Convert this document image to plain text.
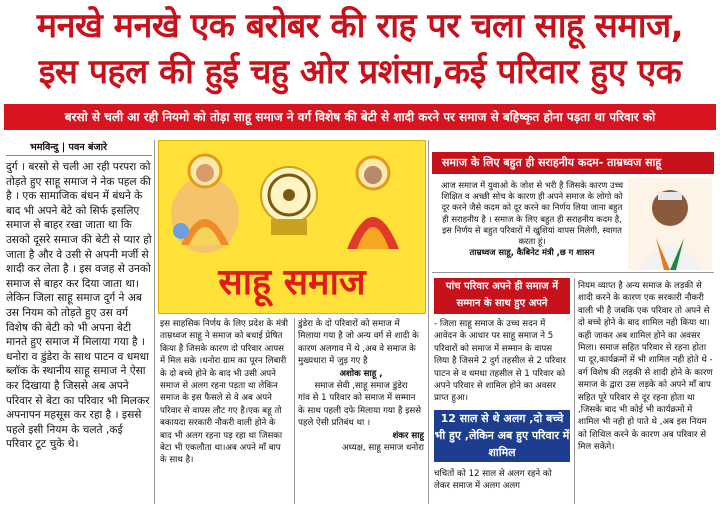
मनखे मनखे एक बरोबर की राह पर चला साहू समाज,
इस पहल की हुई चहु ओर प्रशंसा,कई परिवार हुए एक
बरसो से चली आ रही नियमो को तोड़ा साहू समाज ने वर्ग विशेष की बेटी से शादी करने पर समाज से बहिष्कृत होना पड़ता था परिवार को
भमविन्दु | पवन बंजारे
दुर्ग । बरसो से चली आ रही परपरा को तोड़ते हुए साहू समाज ने नेक पहल की है । एक सामाजिक बंधन में बंधने के बाद भी अपने बेटे को सिर्फ इसलिए समाज से बाहर रखा जाता था कि उसको दूसरे समाज की बेटी से प्यार हो जाता है और वे उसी से अपनी मर्जी से शादी कर लेता है । इस वजह से उनको समाज से बाहर कर दिया जाता था। लेकिन जिला साहू समाज दुर्ग ने अब उस नियम को तोड़ते हुए उस वर्ग विशेष की बेटी को भी अपना बेटी मानते हुए समाज में मिलाया गया है । धनोरा व डुंडेरा के साथ पाटन व धमधा ब्लॉक के स्थानीय साहू समाज ने ऐसा कर दिखाया है जिससे अब अपने परिवार से बेटा का परिवार भी मिलकर अपनापन महसूस कर रहा है । इससे पहले इसी नियम के चलते ,कई परिवार टूट चुके थे।
साहू समाज
इस साहसिक निर्णय के लिए प्रदेश के मंत्री ताम्रध्वज साहू ने समाज को बधाई प्रेषित किया है जिसके कारण दो परिवार आपस में मिल सके ।धनोरा ग्राम का पूरन लिबारी के दो बच्चे होने के बाद भी उसी अपने समाज से अलग रहना पड़ता था लेकिन समाज के इस फैसले से वे अब अपने परिवार से वापस लौट गए है।एक बहू तो बकायदा सरकारी नौकरी वाली होने के बाद भी अलग रहना पड़ रहा था जिसका बेटा भी एकलौता था।अब अपने माँ बाप के साथ है।
डुंडेरा के दो परिवारों को समाज में मिलाया गया है जो अन्य वर्ग से शादी के कारण अलगाव में थे ,अब वे समाज के मुख्यधारा में जुड़ गए है
अशोक साहू ,
समाज सेवी ,साहू समाज डुंडेरा
गांव से 1 परिवार को समाज में सम्मान के साथ पहली दफे मिलाया गया है इससे पहले ऐसी प्रतिबंध था ।
शंकर साहू
अध्यक्ष, साहू समाज धनोरा
समाज के लिए बहुत ही सराहनीय कदम- ताम्रध्वज साहू
आज समाज में युवाओ के जोश से भरी है जिसके कारण उच्च शिक्षित व अच्छी सोच के कारण ही अपने समाज के लोगो को दूर करने जैसे कदम को दूर करने का निर्णय लिया जाना बहुत ही सराहनीय है । समाज के लिए बहुत ही सराहनीय कदम है, इस निर्णय से बहुत परिवारों में खुशियां वापस मिलेगी, स्वागत करता हूं।
ताम्रध्वज साहू, कैबिनेट मंत्री ,छ ग शासन
पांच परिवार अपने ही समाज में सम्मान के साथ हुए अपने
- जिला साहू समाज के उच्च सदन में आवेदन के आधार पर साहू समाज ने 5 परिवारों को समाज में सम्मान के वापस लिया है जिसमे 2 दुर्ग तहसील से 2 परिवार पाटन से व धमधा तहसील से 1 परिवार को अपने परिवार से शामिल होने का अवसर प्राप्त हुआ।
12 साल से थे अलग ,दो बच्चे भी हुए ,लेकिन अब हुए परिवार में शामिल
चचितों को 12 साल से अलग रहने को लेकर समाज में अलग अलग
नियम व्याप्त है अन्य समाज के लड़की से शादी करने के कारण एक सरकारी नौकरी वाली भी है जबकि एक परिवार तो अपने से दो बच्चे होने के बाद शामिल नही किया था। कही जाकर अब शामिल होने का अवसर मिला। समाज सहित परिवार से रहना होता था दूर,कार्यक्रमों में भी शामिल नही होते थे - वर्ग विशेष की लड़की से शादी होने के कारण समाज के द्वारा उस लड़के को अपने माँ बाप सहित पूरे परिवार से दूर रहना होता था ,जिसके बाद भी कोई भी कार्यक्रमों में शामिल भी नही हो पाते थे ,अब इस नियम को शिथिल करने के कारण अब परिवार से मिल सकेंगे।
